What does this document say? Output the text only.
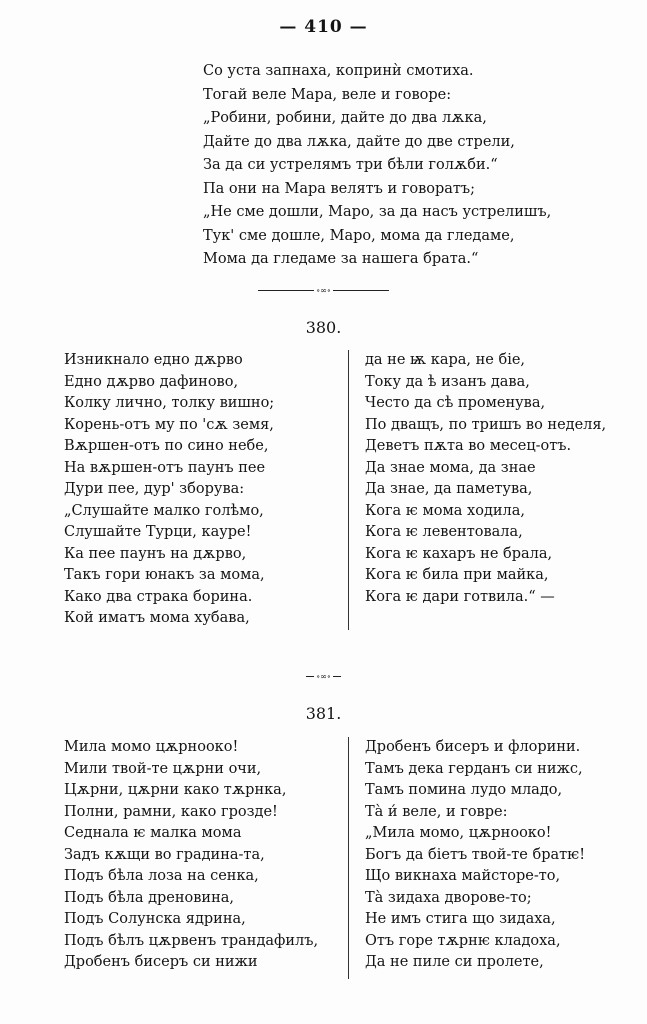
— 410 —
Со уста запнаха, копринѝ смотиха.
Тогай веле Мара, веле и говоре:
„Робини, робини, дайте до два лѫка,
Дайте до два лѫка, дайте до две стрели,
За да си устрелямъ три бѣли голѫби.“
Па они на Мара велятъ и говоратъ;
„Не сме дошли, Маро, за да насъ устрелишъ,
Тук' сме дошле, Маро, мома да гледаме,
Мома да гледаме за нашега брата.“
∘∞∘
380.
Изникнало едно дѫрво
Едно дѫрво дафиново,
Колку лично, толку вишно;
Корень-отъ му по 'сѫ земя,
Вѫршен-отъ по сино небе,
На вѫршен-отъ паунъ пее
Дури пее, дур' зборува:
„Слушайте малко голѣмо,
Слушайте Турци, кауре!
Ка пее паунъ на дѫрво,
Такъ гори юнакъ за мома,
Како два страка борина.
Кой иматъ мома хубава,
да не ѭ кара, не біе,
Току да ѣ изанъ дава,
Често да сѣ променува,
По дващъ, по тришъ во неделя,
Деветъ пѫта во месец-отъ.
Да знае мома, да знае
Да знае, да паметува,
Кога ѥ мома ходила,
Кога ѥ левентовала,
Кога ѥ кахаръ не брала,
Кога ѥ била при майка,
Кога ѥ дари готвила.“ —
∘∞∘
381.
Мила момо цѫрнооко!
Мили твой-те цѫрни очи,
Цѫрни, цѫрни како тѫрнка,
Полни, рамни, како грозде!
Седнала ѥ малка мома
Задъ кѫщи во градина-та,
Подъ бѣла лоза на сенка,
Подъ бѣла дреновина,
Подъ Солунска ядрина,
Подъ бѣлъ цѫрвенъ трандафилъ,
Дробенъ бисеръ си нижи
Дробенъ бисеръ и флорини.
Тамъ дека герданъ си нижс,
Тамъ помина лудо младо,
Тà и́ веле, и говре:
„Мила момо, цѫрнооко!
Богъ да біетъ твой-те братѥ!
Що викнаха майсторе-то,
Тà зидаха дворове-то;
Не имъ стига що зидаха,
Отъ горе тѫрнѥ кладоха,
Да не пиле си пролете,
